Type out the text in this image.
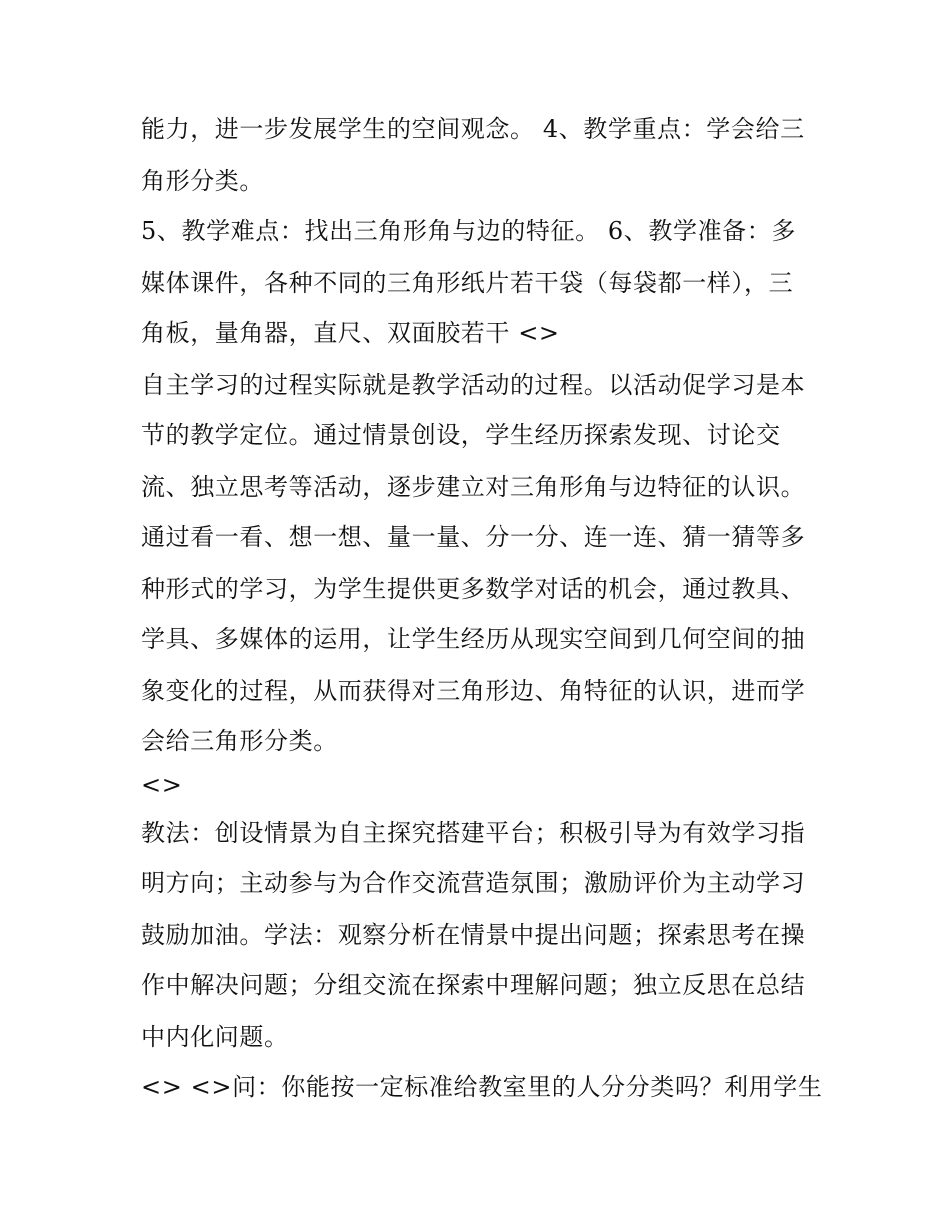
能力，进一步发展学生的空间观念。 4、教学重点：学会给三
角形分类。
5、教学难点：找出三角形角与边的特征。 6、教学准备：多
媒体课件，各种不同的三角形纸片若干袋（每袋都一样），三
角板，量角器，直尺、双面胶若干 <>
自主学习的过程实际就是教学活动的过程。以活动促学习是本
节的教学定位。通过情景创设，学生经历探索发现、讨论交
流、独立思考等活动，逐步建立对三角形角与边特征的认识。
通过看一看、想一想、量一量、分一分、连一连、猜一猜等多
种形式的学习，为学生提供更多数学对话的机会，通过教具、
学具、多媒体的运用，让学生经历从现实空间到几何空间的抽
象变化的过程，从而获得对三角形边、角特征的认识，进而学
会给三角形分类。
<>
教法：创设情景为自主探究搭建平台；积极引导为有效学习指
明方向；主动参与为合作交流营造氛围；激励评价为主动学习
鼓励加油。学法：观察分析在情景中提出问题；探索思考在操
作中解决问题；分组交流在探索中理解问题；独立反思在总结
中内化问题。
<> <>问：你能按一定标准给教室里的人分分类吗？利用学生
